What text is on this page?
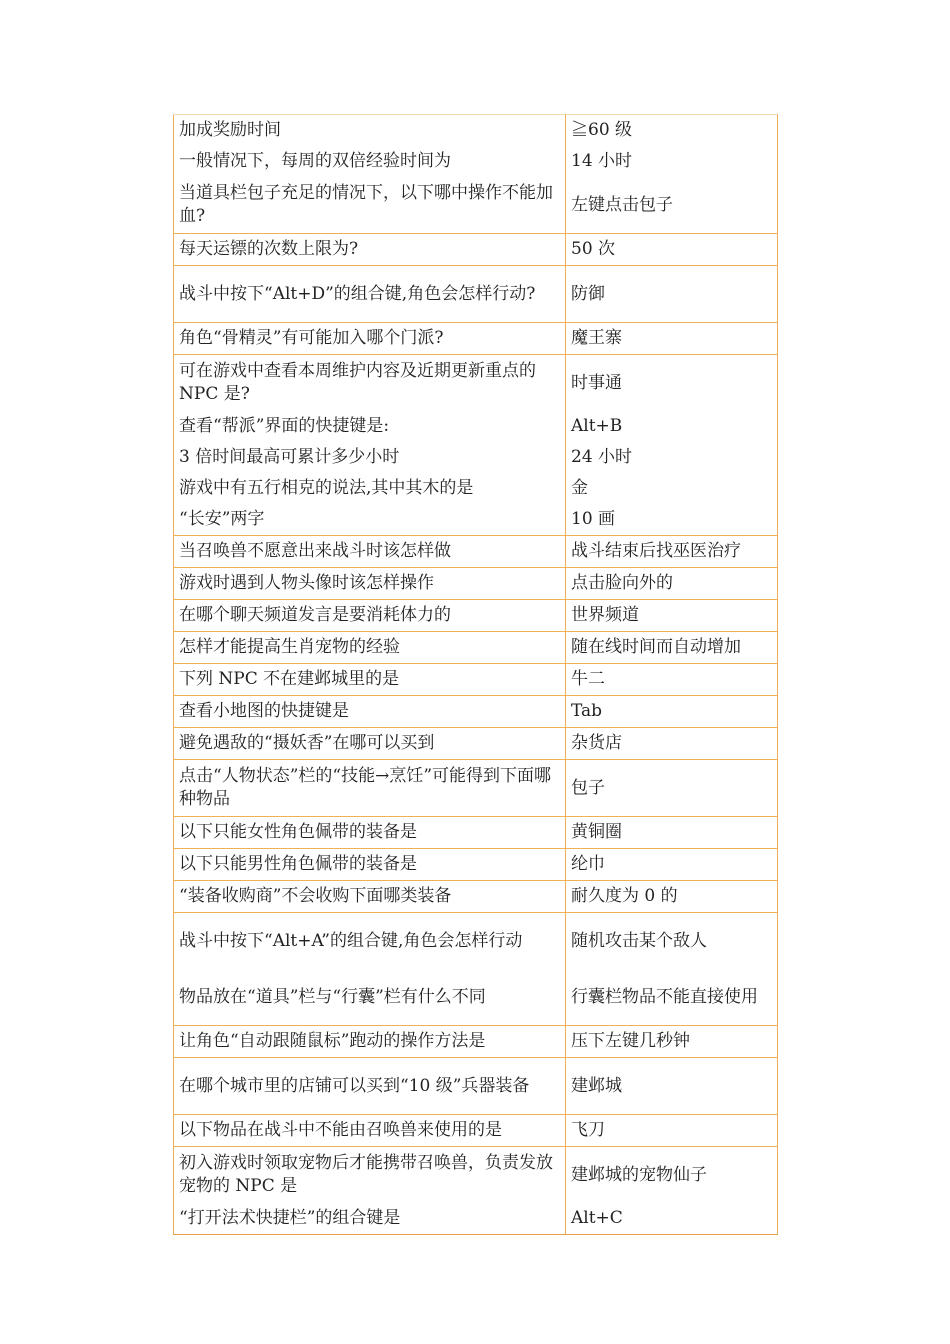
加成奖励时间	≧60 级
一般情况下，每周的双倍经验时间为	14 小时
当道具栏包子充足的情况下，以下哪中操作不能加血?	左键点击包子
每天运镖的次数上限为?	50 次
战斗中按下“Alt+D”的组合键,角色会怎样行动?	防御
角色“骨精灵”有可能加入哪个门派?	魔王寨
可在游戏中查看本周维护内容及近期更新重点的 NPC 是?	时事通
查看“帮派”界面的快捷键是:	Alt+B
3 倍时间最高可累计多少小时	24 小时
游戏中有五行相克的说法,其中其木的是	金
“长安”两字	10 画
当召唤兽不愿意出来战斗时该怎样做	战斗结束后找巫医治疗
游戏时遇到人物头像时该怎样操作	点击脸向外的
在哪个聊天频道发言是要消耗体力的	世界频道
怎样才能提高生肖宠物的经验	随在线时间而自动增加
下列 NPC 不在建邺城里的是	牛二
查看小地图的快捷键是	Tab
避免遇敌的“摄妖香”在哪可以买到	杂货店
点击“人物状态”栏的“技能→烹饪”可能得到下面哪种物品	包子
以下只能女性角色佩带的装备是	黄铜圈
以下只能男性角色佩带的装备是	纶巾
“装备收购商”不会收购下面哪类装备	耐久度为 0 的
战斗中按下“Alt+A”的组合键,角色会怎样行动	随机攻击某个敌人
物品放在“道具”栏与“行囊”栏有什么不同	行囊栏物品不能直接使用
让角色“自动跟随鼠标”跑动的操作方法是	压下左键几秒钟
在哪个城市里的店铺可以买到“10 级”兵器装备	建邺城
以下物品在战斗中不能由召唤兽来使用的是	飞刀
初入游戏时领取宠物后才能携带召唤兽，负责发放宠物的 NPC 是	建邺城的宠物仙子
“打开法术快捷栏”的组合键是	Alt+C
